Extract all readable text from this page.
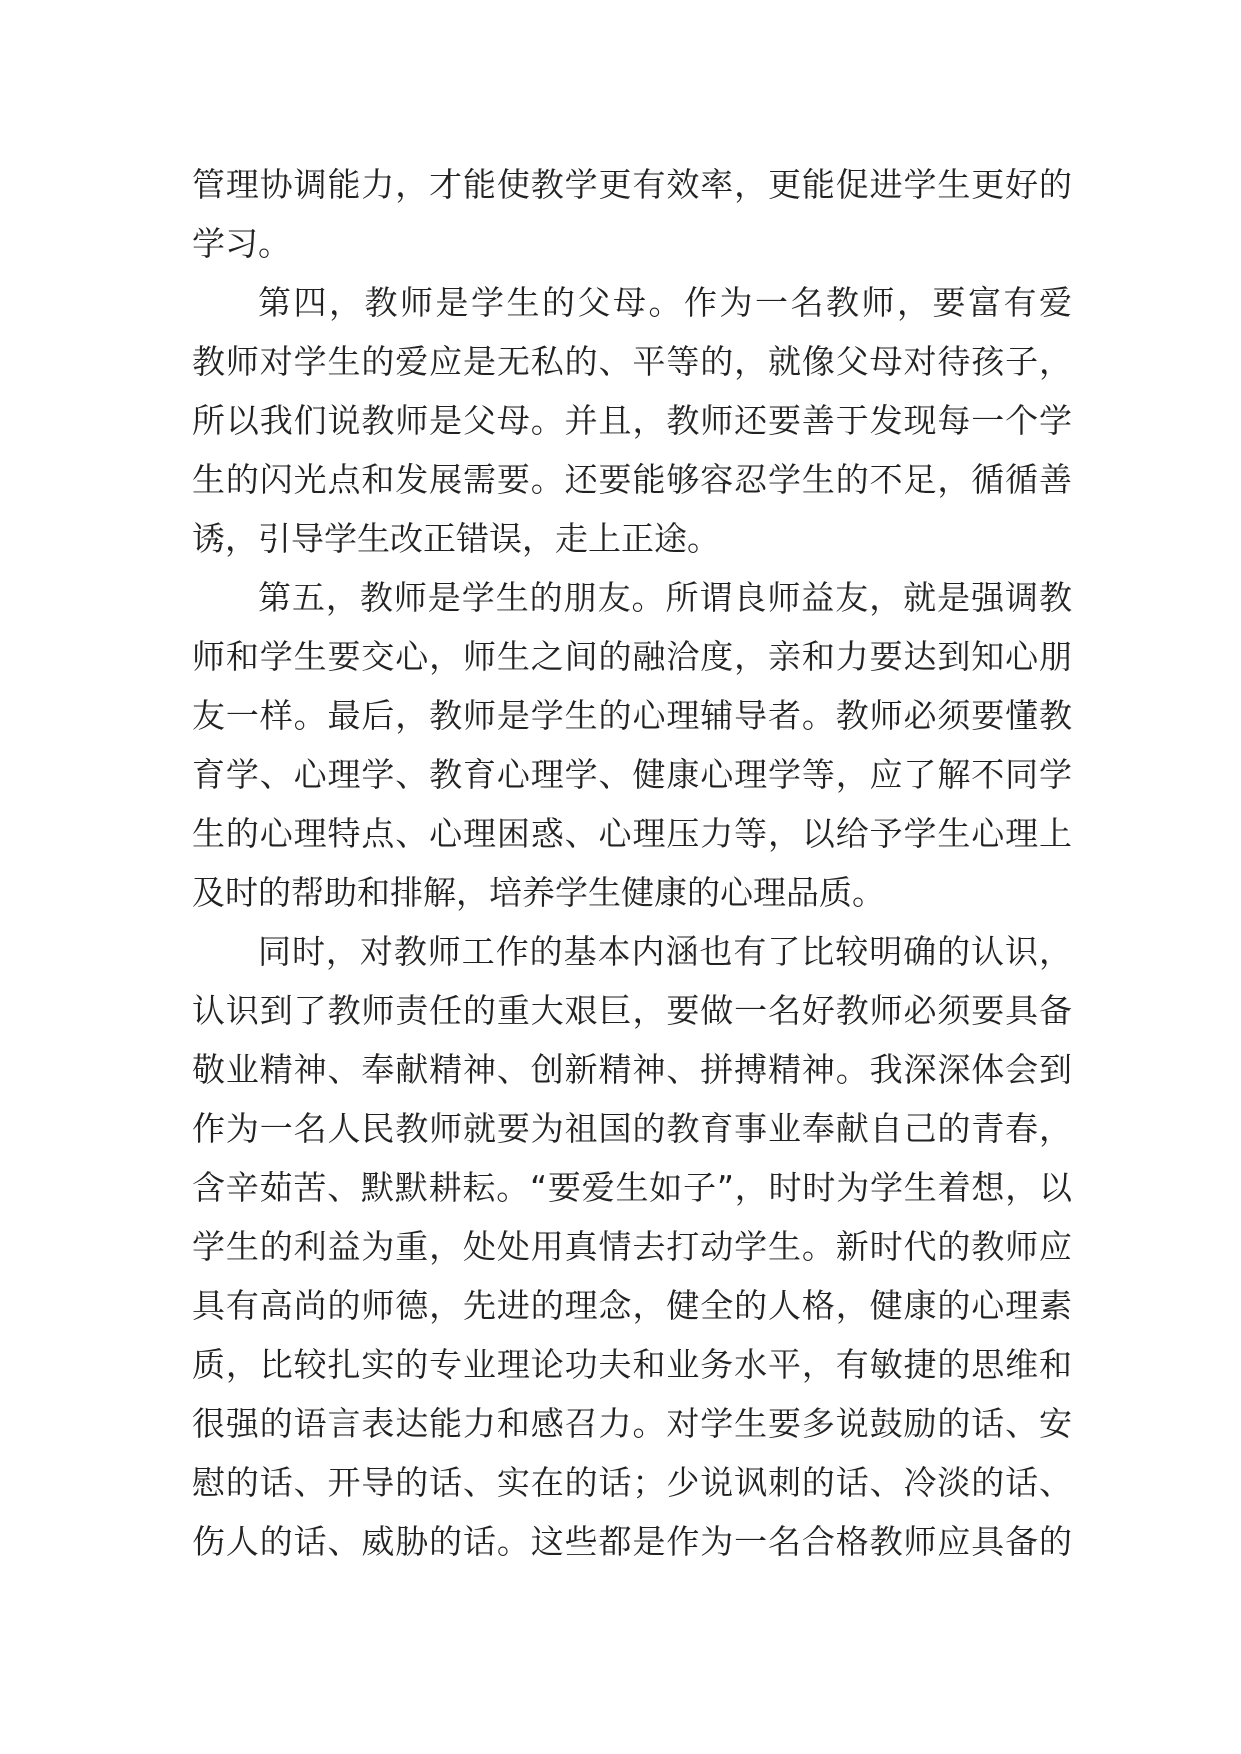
管理协调能力，才能使教学更有效率，更能促进学生更好的
学习。
第四，教师是学生的父母。作为一名教师，要富有爱
教师对学生的爱应是无私的、平等的，就像父母对待孩子，
所以我们说教师是父母。并且，教师还要善于发现每一个学
生的闪光点和发展需要。还要能够容忍学生的不足，循循善
诱，引导学生改正错误，走上正途。
第五，教师是学生的朋友。所谓良师益友，就是强调教
师和学生要交心，师生之间的融洽度，亲和力要达到知心朋
友一样。最后，教师是学生的心理辅导者。教师必须要懂教
育学、心理学、教育心理学、健康心理学等，应了解不同学
生的心理特点、心理困惑、心理压力等，以给予学生心理上
及时的帮助和排解，培养学生健康的心理品质。
同时，对教师工作的基本内涵也有了比较明确的认识，
认识到了教师责任的重大艰巨，要做一名好教师必须要具备
敬业精神、奉献精神、创新精神、拼搏精神。我深深体会到
作为一名人民教师就要为祖国的教育事业奉献自己的青春，
含辛茹苦、默默耕耘。“要爱生如子”，时时为学生着想，以
学生的利益为重，处处用真情去打动学生。新时代的教师应
具有高尚的师德，先进的理念，健全的人格，健康的心理素
质，比较扎实的专业理论功夫和业务水平，有敏捷的思维和
很强的语言表达能力和感召力。对学生要多说鼓励的话、安
慰的话、开导的话、实在的话；少说讽刺的话、冷淡的话、
伤人的话、威胁的话。这些都是作为一名合格教师应具备的
